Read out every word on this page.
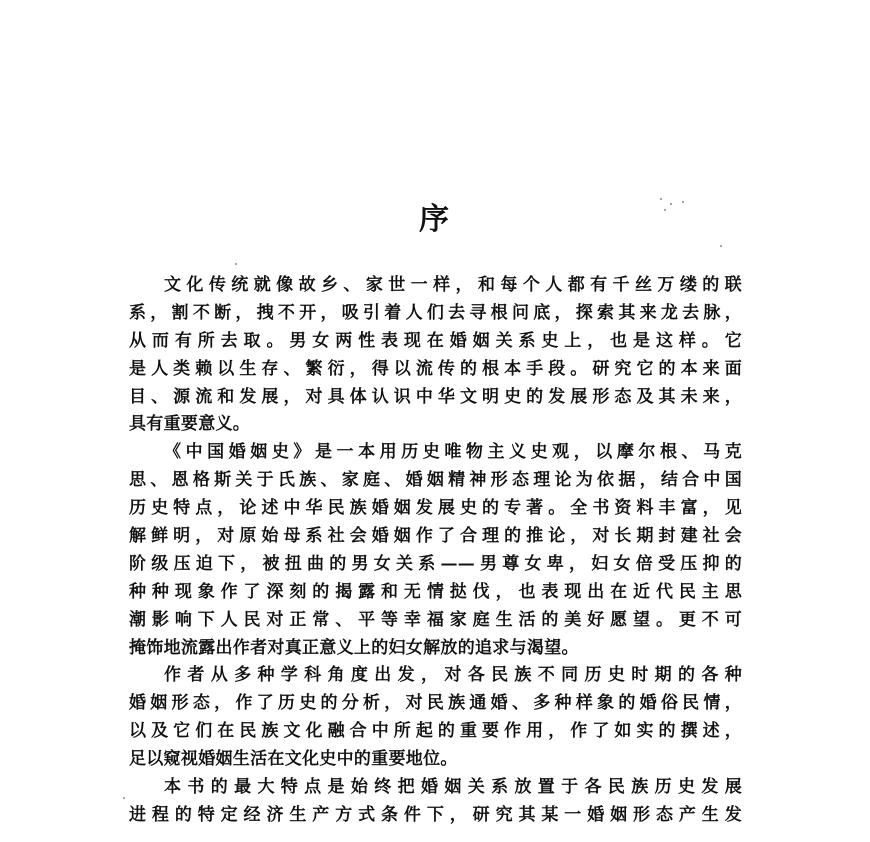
序
文化传统就像故乡、家世一样，和每个人都有千丝万缕的联
系，割不断，拽不开，吸引着人们去寻根问底，探索其来龙去脉，
从而有所去取。男女两性表现在婚姻关系史上，也是这样。它
是人类赖以生存、繁衍，得以流传的根本手段。研究它的本来面
目、源流和发展，对具体认识中华文明史的发展形态及其未来，
具有重要意义。
《中国婚姻史》是一本用历史唯物主义史观，以摩尔根、马克
思、恩格斯关于氏族、家庭、婚姻精神形态理论为依据，结合中国
历史特点，论述中华民族婚姻发展史的专著。全书资料丰富，见
解鲜明，对原始母系社会婚姻作了合理的推论，对长期封建社会
阶级压迫下，被扭曲的男女关系——男尊女卑，妇女倍受压抑的
种种现象作了深刻的揭露和无情挞伐，也表现出在近代民主思
潮影响下人民对正常、平等幸福家庭生活的美好愿望。更不可
掩饰地流露出作者对真正意义上的妇女解放的追求与渴望。
作者从多种学科角度出发，对各民族不同历史时期的各种
婚姻形态，作了历史的分析，对民族通婚、多种样象的婚俗民情，
以及它们在民族文化融合中所起的重要作用，作了如实的撰述，
足以窥视婚姻生活在文化史中的重要地位。
本书的最大特点是始终把婚姻关系放置于各民族历史发展
进程的特定经济生产方式条件下，研究其某一婚姻形态产生发
